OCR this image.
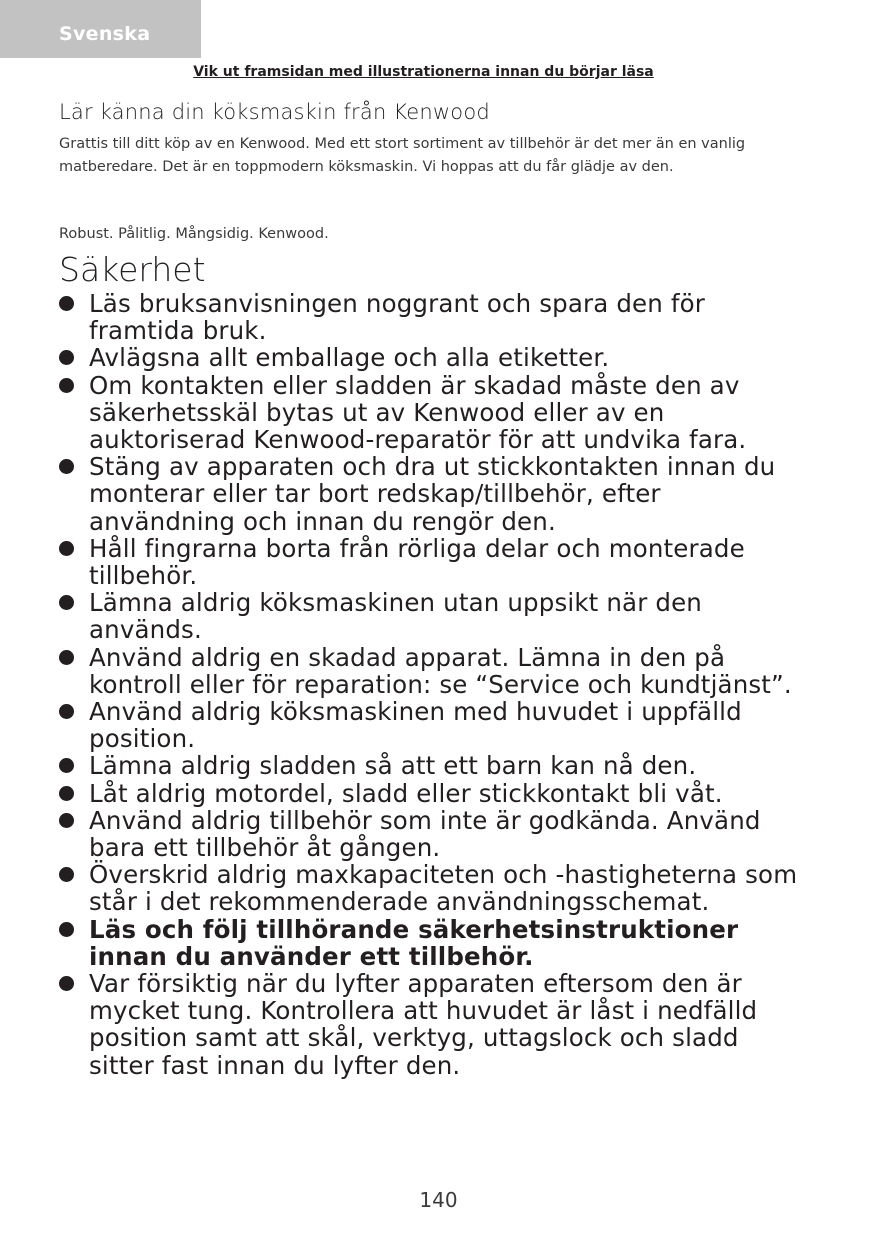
Svenska
Vik ut framsidan med illustrationerna innan du börjar läsa
Lär känna din köksmaskin från Kenwood
Grattis till ditt köp av en Kenwood. Med ett stort sortiment av tillbehör är det mer än en vanlig matberedare. Det är en toppmodern köksmaskin. Vi hoppas att du får glädje av den.
Robust. Pålitlig. Mångsidig. Kenwood.
Säkerhet
Läs bruksanvisningen noggrant och spara den för framtida bruk.
Avlägsna allt emballage och alla etiketter.
Om kontakten eller sladden är skadad måste den av säkerhetsskäl bytas ut av Kenwood eller av en auktoriserad Kenwood-reparatör för att undvika fara.
Stäng av apparaten och dra ut stickkontakten innan du monterar eller tar bort redskap/tillbehör, efter användning och innan du rengör den.
Håll fingrarna borta från rörliga delar och monterade tillbehör.
Lämna aldrig köksmaskinen utan uppsikt när den används.
Använd aldrig en skadad apparat. Lämna in den på kontroll eller för reparation: se “Service och kundtjänst”.
Använd aldrig köksmaskinen med huvudet i uppfälld position.
Lämna aldrig sladden så att ett barn kan nå den.
Låt aldrig motordel, sladd eller stickkontakt bli våt.
Använd aldrig tillbehör som inte är godkända. Använd bara ett tillbehör åt gången.
Överskrid aldrig maxkapaciteten och -hastigheterna som står i det rekommenderade användningsschemat.
Läs och följ tillhörande säkerhetsinstruktioner innan du använder ett tillbehör.
Var försiktig när du lyfter apparaten eftersom den är mycket tung. Kontrollera att huvudet är låst i nedfälld position samt att skål, verktyg, uttagslock och sladd sitter fast innan du lyfter den.
140
